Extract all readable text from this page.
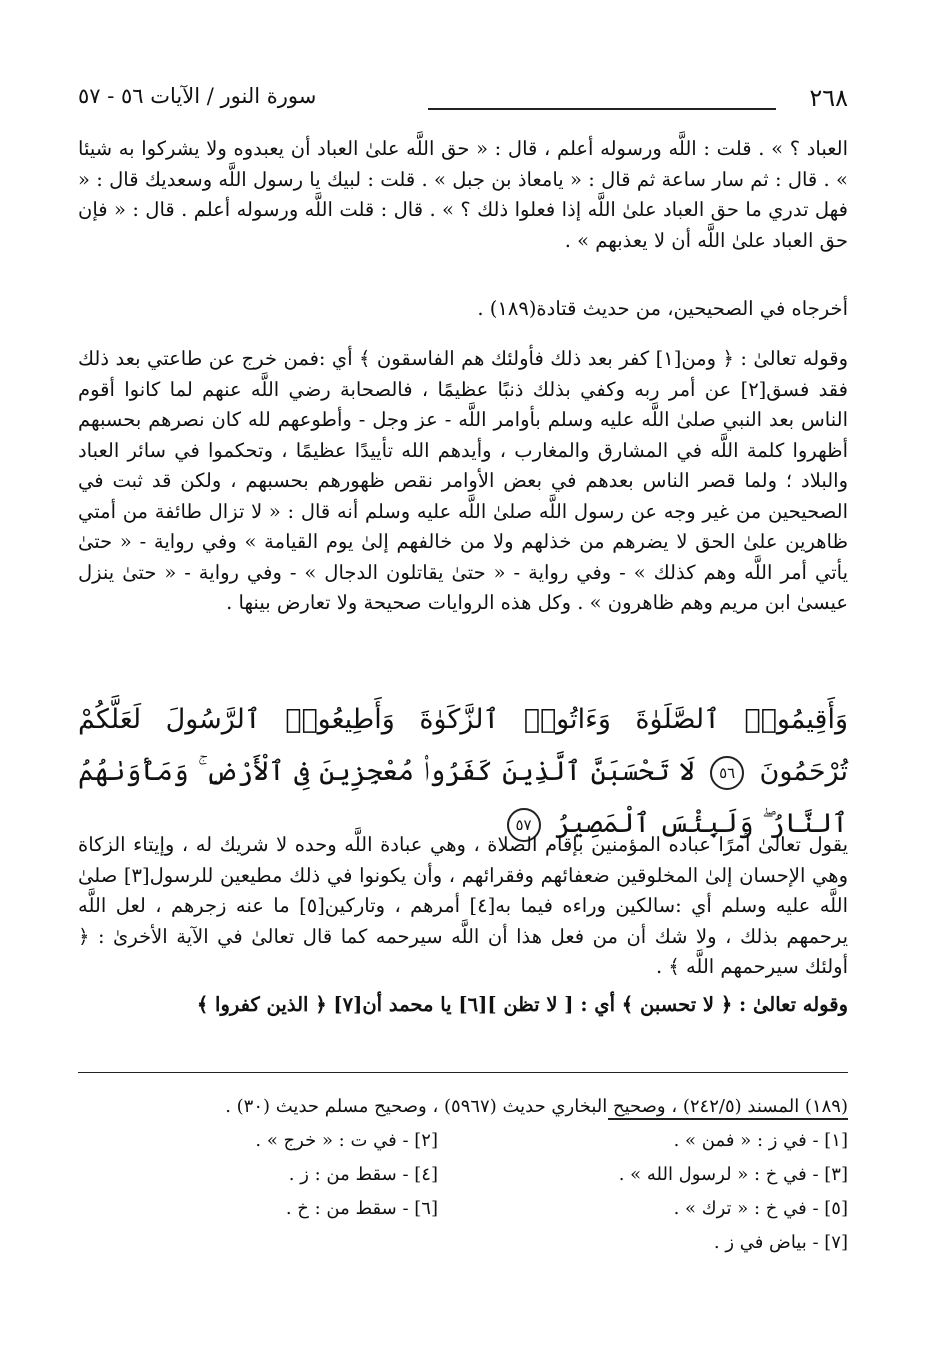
٢٦٨
سورة النور / الآيات ٥٦ - ٥٧

العباد ؟ » . قلت : اللَّه ورسوله أعلم ، قال : « حق اللَّه علىٰ العباد أن يعبدوه ولا يشركوا به شيئا » . قال : ثم سار ساعة ثم قال : « يامعاذ بن جبل » . قلت : لبيك يا رسول اللَّه وسعديك قال : « فهل تدري ما حق العباد علىٰ اللَّه إذا فعلوا ذلك ؟ » . قال : قلت اللَّه ورسوله أعلم . قال : « فإن حق العباد علىٰ اللَّه أن لا يعذبهم » .

أخرجاه في الصحيحين، من حديث قتادة(١٨٩) .

وقوله تعالىٰ : ﴿ ومن[١] كفر بعد ذلك فأولئك هم الفاسقون ﴾ أي :فمن خرج عن طاعتي بعد ذلك فقد فسق[٢] عن أمر ربه وكفي بذلك ذنبًا عظيمًا ، فالصحابة رضي اللَّه عنهم لما كانوا أقوم الناس بعد النبي صلىٰ اللَّه عليه وسلم بأوامر اللَّه - عز وجل - وأطوعهم لله كان نصرهم بحسبهم أظهروا كلمة اللَّه في المشارق والمغارب ، وأيدهم الله تأييدًا عظيمًا ، وتحكموا في سائر العباد والبلاد ؛ ولما قصر الناس بعدهم في بعض الأوامر نقص ظهورهم بحسبهم ، ولكن قد ثبت في الصحيحين من غير وجه عن رسول اللَّه صلىٰ اللَّه عليه وسلم أنه قال : « لا تزال طائفة من أمتي ظاهرين علىٰ الحق لا يضرهم من خذلهم ولا من خالفهم إلىٰ يوم القيامة » وفي رواية - « حتىٰ يأتي أمر اللَّه وهم كذلك » - وفي رواية - « حتىٰ يقاتلون الدجال » - وفي رواية - « حتىٰ ينزل عيسىٰ ابن مريم وهم ظاهرون » . وكل هذه الروايات صحيحة ولا تعارض بينها .

وَأَقِيمُوا۟ ٱلصَّلَوٰةَ وَءَاتُوا۟ ٱلزَّكَوٰةَ وَأَطِيعُوا۟ ٱلرَّسُولَ لَعَلَّكُمْ تُرْحَمُونَ ٥٦ لَا تَحْسَبَنَّ ٱلَّذِينَ كَفَرُوا۟ مُعْجِزِينَ فِى ٱلْأَرْضِ ۚ وَمَأْوَىٰهُمُ ٱلنَّارُ ۖ وَلَبِئْسَ ٱلْمَصِيرُ ٥٧

يقول تعالىٰ آمرًا عباده المؤمنين بإقام الصلاة ، وهي عبادة اللَّه وحده لا شريك له ، وإيتاء الزكاة وهي الإحسان إلىٰ المخلوقين ضعفائهم وفقرائهم ، وأن يكونوا في ذلك مطيعين للرسول[٣] صلىٰ اللَّه عليه وسلم أي :سالكين وراءه فيما به[٤] أمرهم ، وتاركين[٥] ما عنه زجرهم ، لعل اللَّه يرحمهم بذلك ، ولا شك أن من فعل هذا أن اللَّه سيرحمه كما قال تعالىٰ في الآية الأخرىٰ : ﴿ أولئك سيرحمهم اللَّه ﴾ .

وقوله تعالىٰ : ﴿ لا تحسبن ﴾ أي : [ لا تظن ][٦] يا محمد أن[٧] ﴿ الذين كفروا ﴾

(١٨٩) المسند (٢٤٢/٥) ، وصحيح البخاري حديث (٥٩٦٧) ، وصحيح مسلم حديث (٣٠) .

[١] - في ز : « فمن » .
[٣] - في خ : « لرسول الله » .
[٥] - في خ : « ترك » .
[٧] - بياض في ز .
[٢] - في ت : « خرج » .
[٤] - سقط من : ز .
[٦] - سقط من : خ .
